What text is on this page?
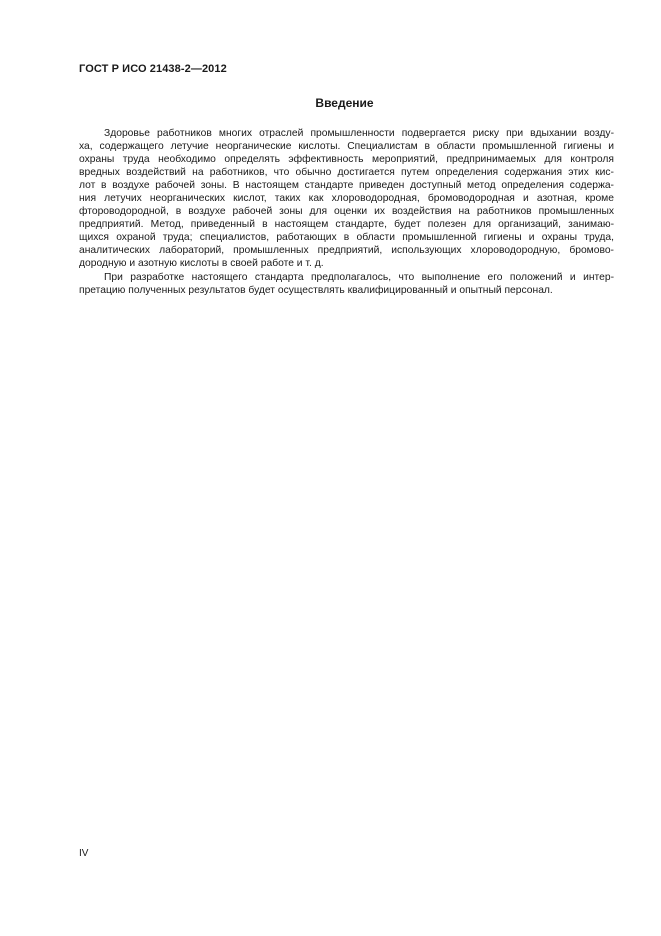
ГОСТ Р ИСО 21438-2—2012
Введение
Здоровье работников многих отраслей промышленности подвергается риску при вдыхании возду-
ха, содержащего летучие неорганические кислоты. Специалистам в области промышленной гигиены и
охраны труда необходимо определять эффективность мероприятий, предпринимаемых для контроля
вредных воздействий на работников, что обычно достигается путем определения содержания этих кис-
лот в воздухе рабочей зоны. В настоящем стандарте приведен доступный метод определения содержа-
ния летучих неорганических кислот, таких как хлороводородная, бромоводородная и азотная, кроме
фтороводородной, в воздухе рабочей зоны для оценки их воздействия на работников промышленных
предприятий. Метод, приведенный в настоящем стандарте, будет полезен для организаций, занимаю-
щихся охраной труда; специалистов, работающих в области промышленной гигиены и охраны труда,
аналитических лабораторий, промышленных предприятий, использующих хлороводородную, бромово-
дородную и азотную кислоты в своей работе и т. д.
При разработке настоящего стандарта предполагалось, что выполнение его положений и интер-
претацию полученных результатов будет осуществлять квалифицированный и опытный персонал.
IV
